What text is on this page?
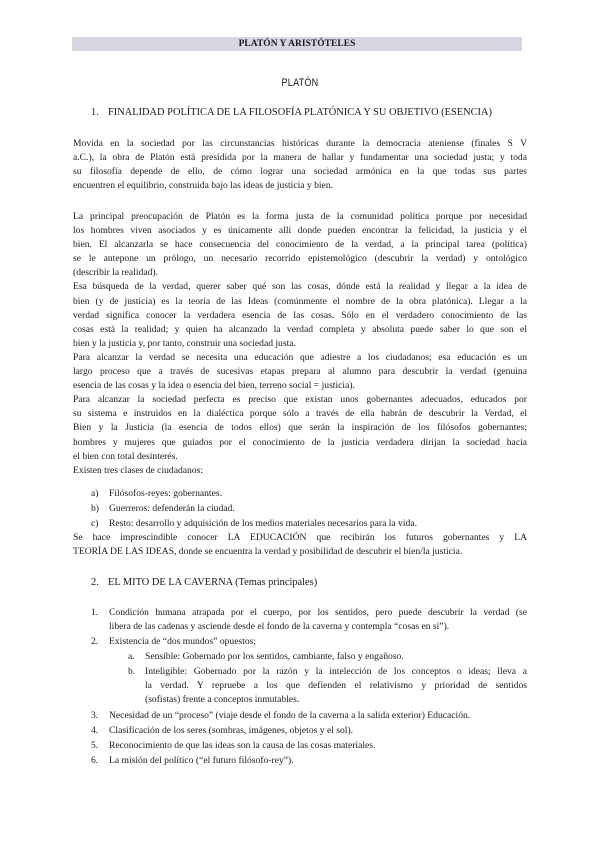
PLATÓN Y ARISTÓTELES
PLATÓN
1. FINALIDAD POLÍTICA DE LA FILOSOFÍA PLATÓNICA Y SU OBJETIVO (ESENCIA)
Movida en la sociedad por las circunstancias históricas durante la democracia ateniense (finales S V
a.C.), la obra de Platón está presidida por la manera de hallar y fundamentar una sociedad justa; y toda
su filosofía depende de ello, de cómo lograr una sociedad armónica en la que todas sus partes
encuentren el equilibrio, construida bajo las ideas de justicia y bien.
La principal preocupación de Platón es la forma justa de la comunidad política porque por necesidad
los hombres viven asociados y es únicamente allí donde pueden encontrar la felicidad, la justicia y el
bien. El alcanzarla se hace consecuencia del conocimiento de la verdad, a la principal tarea (política)
se le antepone un prólogo, un necesario recorrido epistemológico (descubrir la verdad) y ontológico
(describir la realidad).
Esa búsqueda de la verdad, querer saber qué son las cosas, dónde está la realidad y llegar a la idea de
bien (y de justicia) es la teoría de las Ideas (comúnmente el nombre de la obra platónica). Llegar a la
verdad significa conocer la verdadera esencia de las cosas. Sólo en el verdadero conocimiento de las
cosas está la realidad; y quien ha alcanzado la verdad completa y absoluta puede saber lo que son el
bien y la justicia y, por tanto, construir una sociedad justa.
Para alcanzar la verdad se necesita una educación que adiestre a los ciudadanos; esa educación es un
largo proceso que a través de sucesivas etapas prepara al alumno para descubrir la verdad (genuina
esencia de las cosas y la idea o esencia del bien, terreno social = justicia).
Para alcanzar la sociedad perfecta es preciso que existan unos gobernantes adecuados, educados por
su sistema e instruidos en la dialéctica porque sólo a través de ella habrán de descubrir la Verdad, el
Bien y la Justicia (la esencia de todos ellos) que serán la inspiración de los filósofos gobernantes;
hombres y mujeres que guiados por el conocimiento de la justicia verdadera dirijan la sociedad hacia
el bien con total desinterés.
Existen tres clases de ciudadanos:
a) Filósofos-reyes: gobernantes.
b) Guerreros: defenderán la ciudad.
c) Resto: desarrollo y adquisición de los medios materiales necesarios para la vida.
Se hace imprescindible conocer LA EDUCACIÓN que recibirán los futuros gobernantes y LA
TEORÍA DE LAS IDEAS, donde se encuentra la verdad y posibilidad de descubrir el bien/la justicia.
2. EL MITO DE LA CAVERNA (Temas principales)
1. Condición humana atrapada por el cuerpo, por los sentidos, pero puede descubrir la verdad (se
libera de las cadenas y asciende desde el fondo de la caverna y contempla “cosas en sí”).
2. Existencia de “dos mundos” opuestos;
a. Sensible: Gobernado por los sentidos, cambiante, falso y engañoso.
b. Inteligible: Gobernado por la razón y la intelección de los conceptos o ideas; lleva a
la verdad. Y repruebe a los que defienden el relativismo y prioridad de sentidos
(sofistas) frente a conceptos inmutables.
3. Necesidad de un “proceso” (viaje desde el fondo de la caverna a la salida exterior) Educación.
4. Clasificación de los seres (sombras, imágenes, objetos y el sol).
5. Reconocimiento de que las ideas son la causa de las cosas materiales.
6. La misión del político (“el futuro filósofo-rey”).
